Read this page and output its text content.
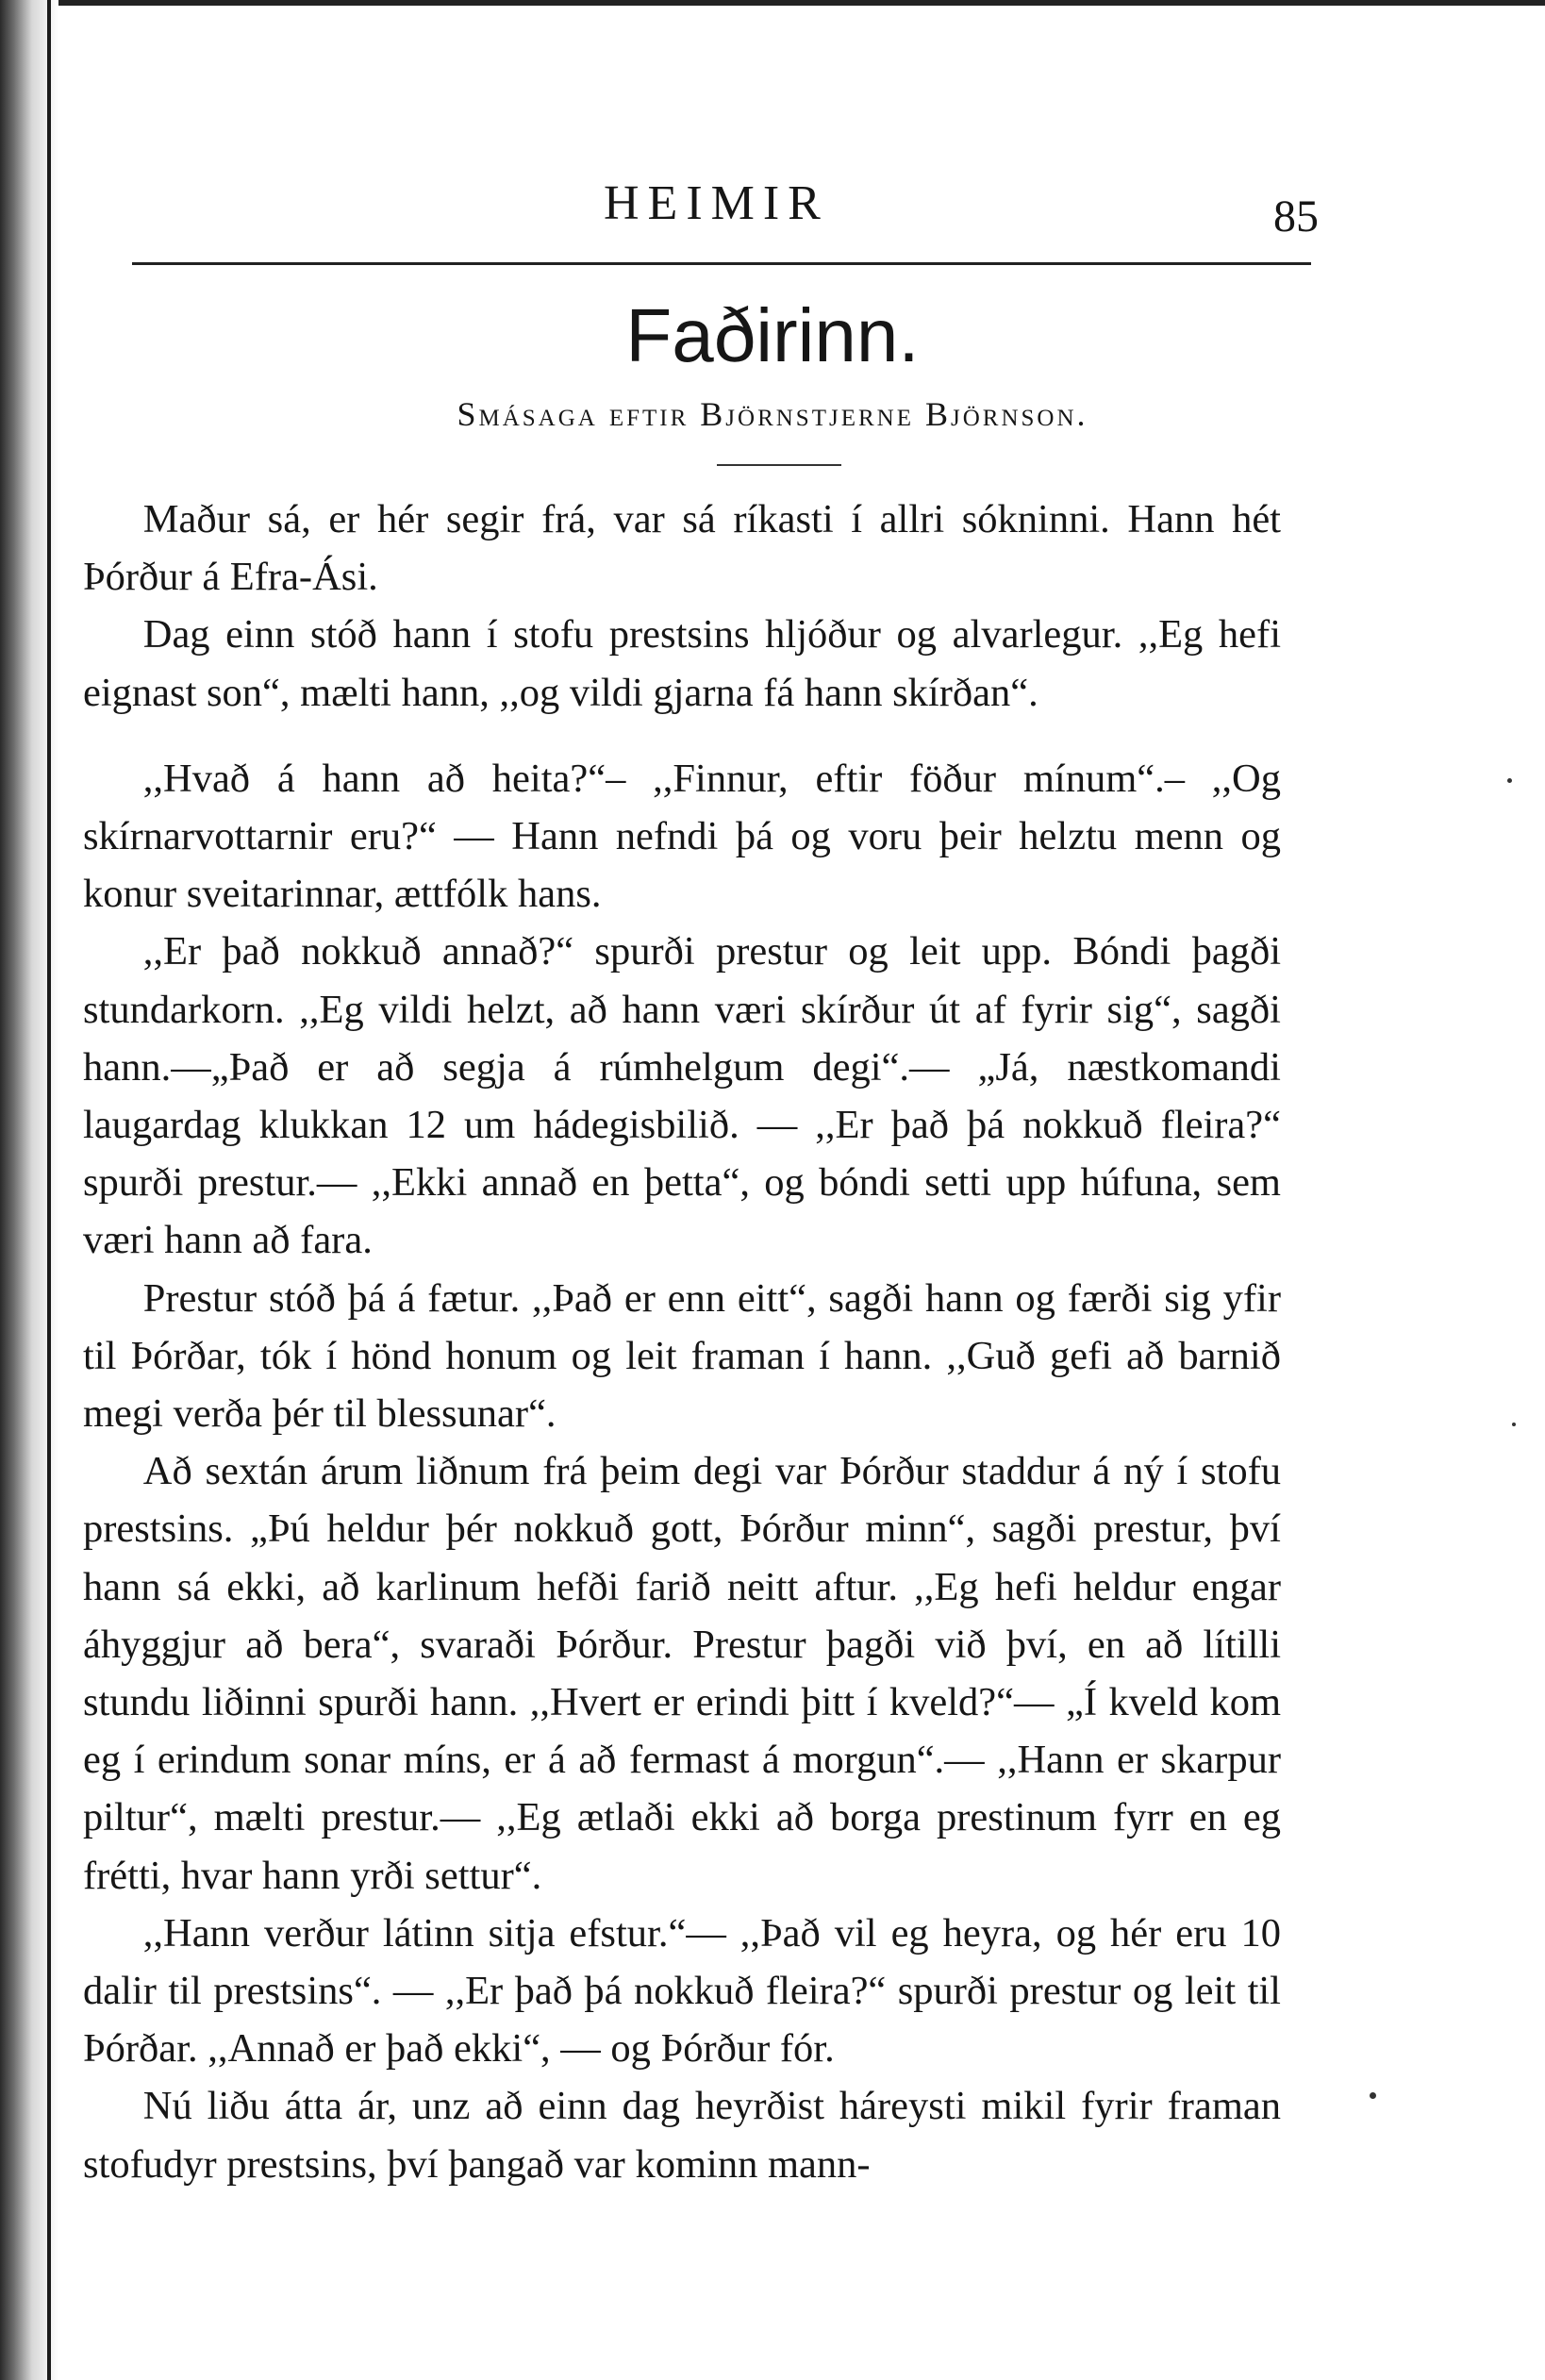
HEIMIR	85
Faðirinn.
Smásaga eftir Björnstjerne Björnson.

Maður sá, er hér segir frá, var sá ríkasti í allri sókninni. Hann hét Þórður á Efra-Ási.

Dag einn stóð hann í stofu prestsins hljóður og alvarlegur. ,,Eg hefi eignast son“, mælti hann, ,,og vildi gjarna fá hann skírðan“.

,,Hvað á hann að heita?“– ,,Finnur, eftir föður mínum“.– ,,Og skírnarvottarnir eru?“ — Hann nefndi þá og voru þeir helztu menn og konur sveitarinnar, ættfólk hans.

,,Er það nokkuð annað?“ spurði prestur og leit upp. Bóndi þagði stundarkorn. ,,Eg vildi helzt, að hann væri skírður út af fyrir sig“, sagði hann.—„Það er að segja á rúmhelgum degi“.— „Já, næstkomandi laugardag klukkan 12 um hádegisbilið. — ,,Er það þá nokkuð fleira?“ spurði prestur.— ,,Ekki annað en þetta“, og bóndi setti upp húfuna, sem væri hann að fara.

Prestur stóð þá á fætur. ,,Það er enn eitt“, sagði hann og færði sig yfir til Þórðar, tók í hönd honum og leit framan í hann. ,,Guð gefi að barnið megi verða þér til blessunar“.

Að sextán árum liðnum frá þeim degi var Þórður staddur á ný í stofu prestsins. „Þú heldur þér nokkuð gott, Þórður minn“, sagði prestur, því hann sá ekki, að karlinum hefði farið neitt aftur. ,,Eg hefi heldur engar áhyggjur að bera“, svaraði Þórður. Prestur þagði við því, en að lítilli stundu liðinni spurði hann. ,,Hvert er erindi þitt í kveld?“— „Í kveld kom eg í erindum sonar míns, er á að fermast á morgun“.— ,,Hann er skarpur piltur“, mælti prestur.— ,,Eg ætlaði ekki að borga prestinum fyrr en eg frétti, hvar hann yrði settur“.

,,Hann verður látinn sitja efstur.“— ,,Það vil eg heyra, og hér eru 10 dalir til prestsins“. — ,,Er það þá nokkuð fleira?“ spurði prestur og leit til Þórðar. ,,Annað er það ekki“, — og Þórður fór.

Nú liðu átta ár, unz að einn dag heyrðist háreysti mikil fyrir framan stofudyr prestsins, því þangað var kominn mann-
